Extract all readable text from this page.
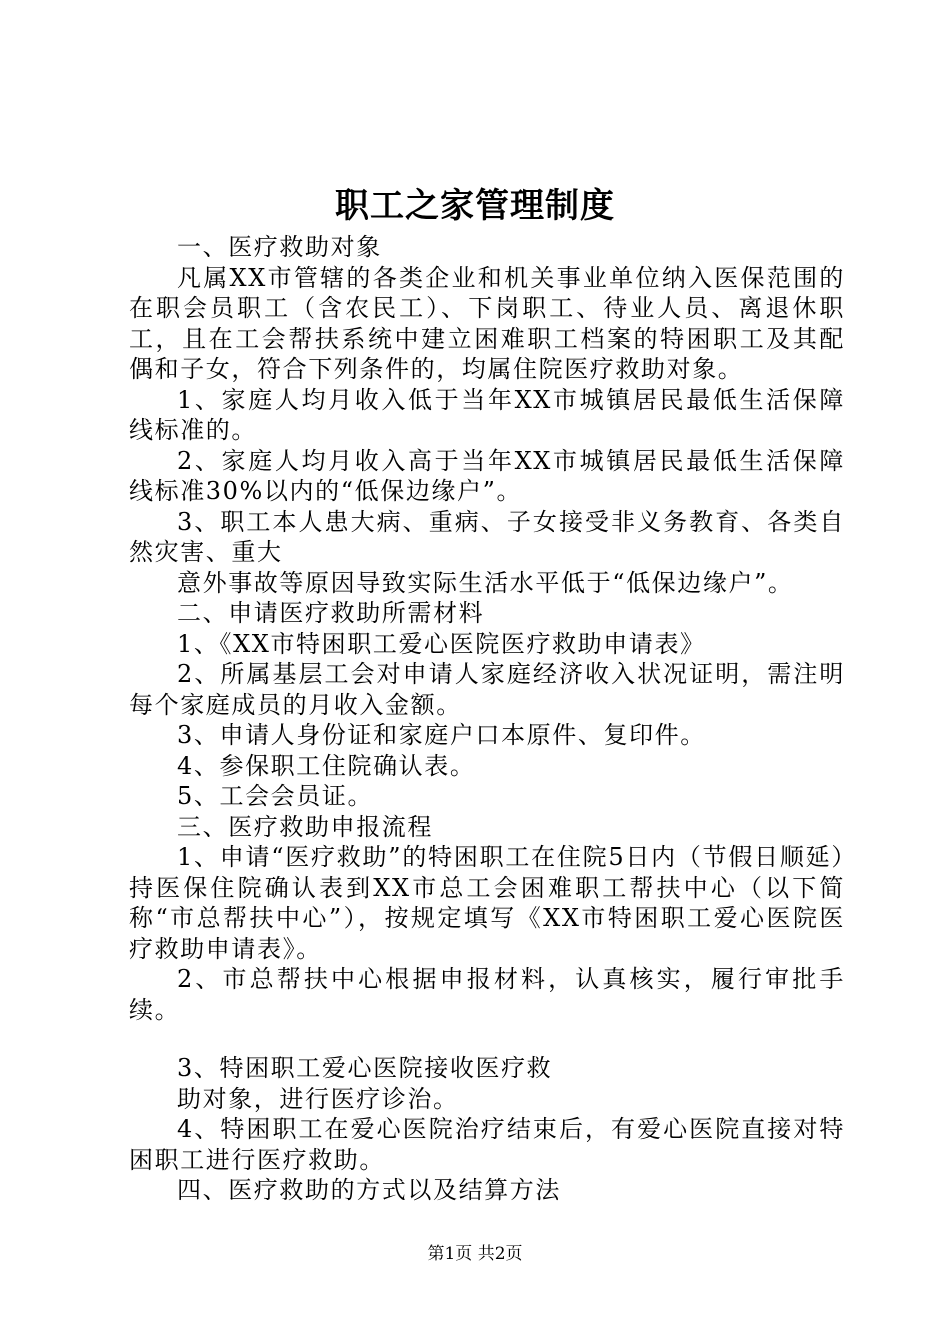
职工之家管理制度

一、医疗救助对象

凡属XX市管辖的各类企业和机关事业单位纳入医保范围的在职会员职工（含农民工）、下岗职工、待业人员、离退休职工，且在工会帮扶系统中建立困难职工档案的特困职工及其配偶和子女，符合下列条件的，均属住院医疗救助对象。

1、家庭人均月收入低于当年XX市城镇居民最低生活保障线标准的。

2、家庭人均月收入高于当年XX市城镇居民最低生活保障线标准30%以内的“低保边缘户”。

3、职工本人患大病、重病、子女接受非义务教育、各类自然灾害、重大

意外事故等原因导致实际生活水平低于“低保边缘户”。

二、申请医疗救助所需材料

1、《XX市特困职工爱心医院医疗救助申请表》

2、所属基层工会对申请人家庭经济收入状况证明，需注明每个家庭成员的月收入金额。

3、申请人身份证和家庭户口本原件、复印件。

4、参保职工住院确认表。

5、工会会员证。

三、医疗救助申报流程

1、申请“医疗救助”的特困职工在住院5日内（节假日顺延）持医保住院确认表到XX市总工会困难职工帮扶中心（以下简称“市总帮扶中心”），按规定填写《XX市特困职工爱心医院医疗救助申请表》。

2、市总帮扶中心根据申报材料，认真核实，履行审批手续。

3、特困职工爱心医院接收医疗救

助对象，进行医疗诊治。

4、特困职工在爱心医院治疗结束后，有爱心医院直接对特困职工进行医疗救助。

四、医疗救助的方式以及结算方法

第1页 共2页
